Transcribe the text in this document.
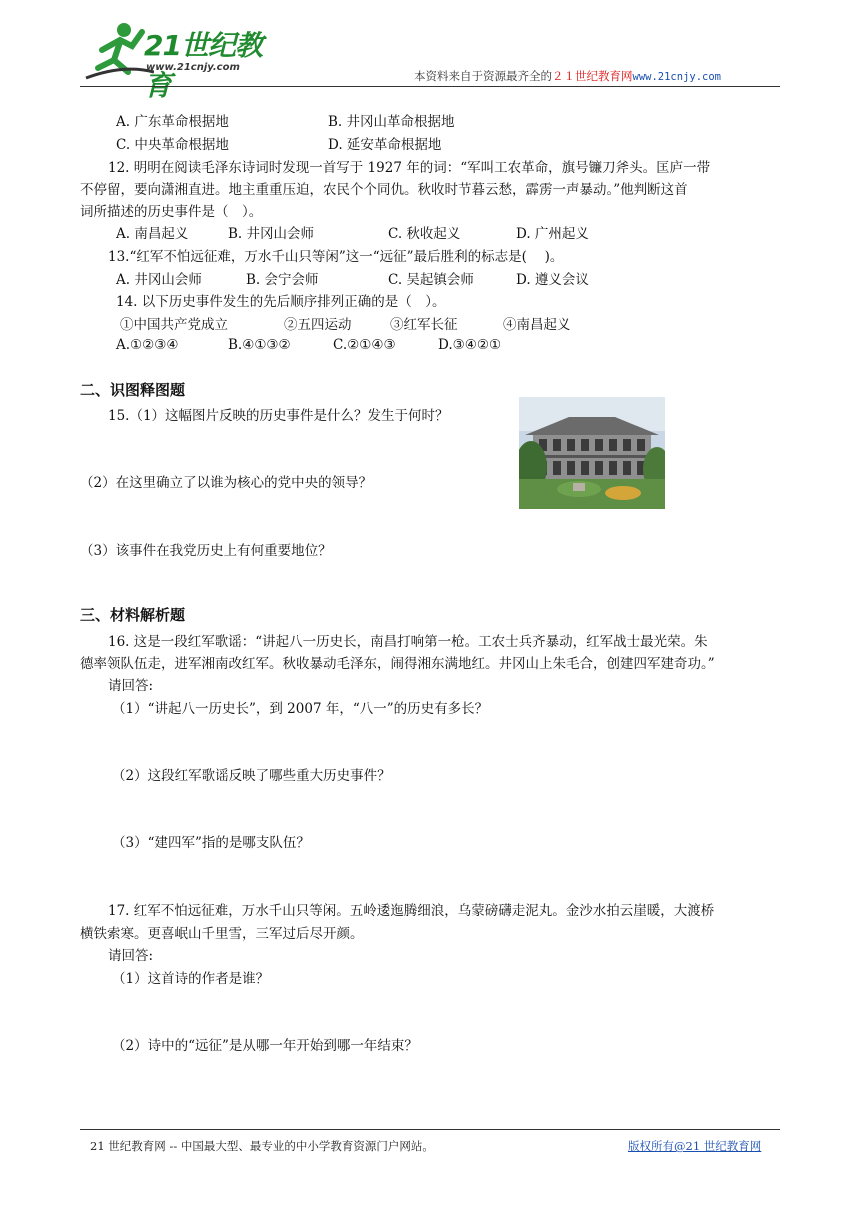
21世纪教育
www.21cnjy.com
本资料来自于资源最齐全的２１世纪教育网www.21cnjy.com
A. 广东革命根据地	B. 井冈山革命根据地
C. 中央革命根据地	D. 延安革命根据地
12. 明明在阅读毛泽东诗词时发现一首写于 1927 年的词：“军叫工农革命，旗号镰刀斧头。匡庐一带
不停留，要向潇湘直进。地主重重压迫，农民个个同仇。秋收时节暮云愁，霹雳一声暴动。”他判断这首
词所描述的历史事件是（　）。
A. 南昌起义	B. 井冈山会师	C. 秋收起义	D. 广州起义
13.“红军不怕远征难，万水千山只等闲”这一“远征”最后胜利的标志是(　 )。
A. 井冈山会师	B. 会宁会师	C. 吴起镇会师	D. 遵义会议
14. 以下历史事件发生的先后顺序排列正确的是（　）。
①中国共产党成立	②五四运动	③红军长征	④南昌起义
A.①②③④	B.④①③②	C.②①④③	D.③④②①
二、识图释图题
15.（1）这幅图片反映的历史事件是什么？发生于何时？
（2）在这里确立了以谁为核心的党中央的领导？
（3）该事件在我党历史上有何重要地位？
三、材料解析题
16. 这是一段红军歌谣：“讲起八一历史长，南昌打响第一枪。工农士兵齐暴动，红军战士最光荣。朱
德率领队伍走，进军湘南改红军。秋收暴动毛泽东，闹得湘东满地红。井冈山上朱毛合，创建四军建奇功。”
请回答:
（1）“讲起八一历史长”，到 2007 年，“八一”的历史有多长？
（2）这段红军歌谣反映了哪些重大历史事件？
（3）“建四军”指的是哪支队伍？
17. 红军不怕远征难，万水千山只等闲。五岭逶迤腾细浪，乌蒙磅礴走泥丸。金沙水拍云崖暖，大渡桥
横铁索寒。更喜岷山千里雪，三军过后尽开颜。
请回答:
（1）这首诗的作者是谁？
（2）诗中的“远征”是从哪一年开始到哪一年结束？
21 世纪教育网 -- 中国最大型、最专业的中小学教育资源门户网站。	版权所有@21 世纪教育网
